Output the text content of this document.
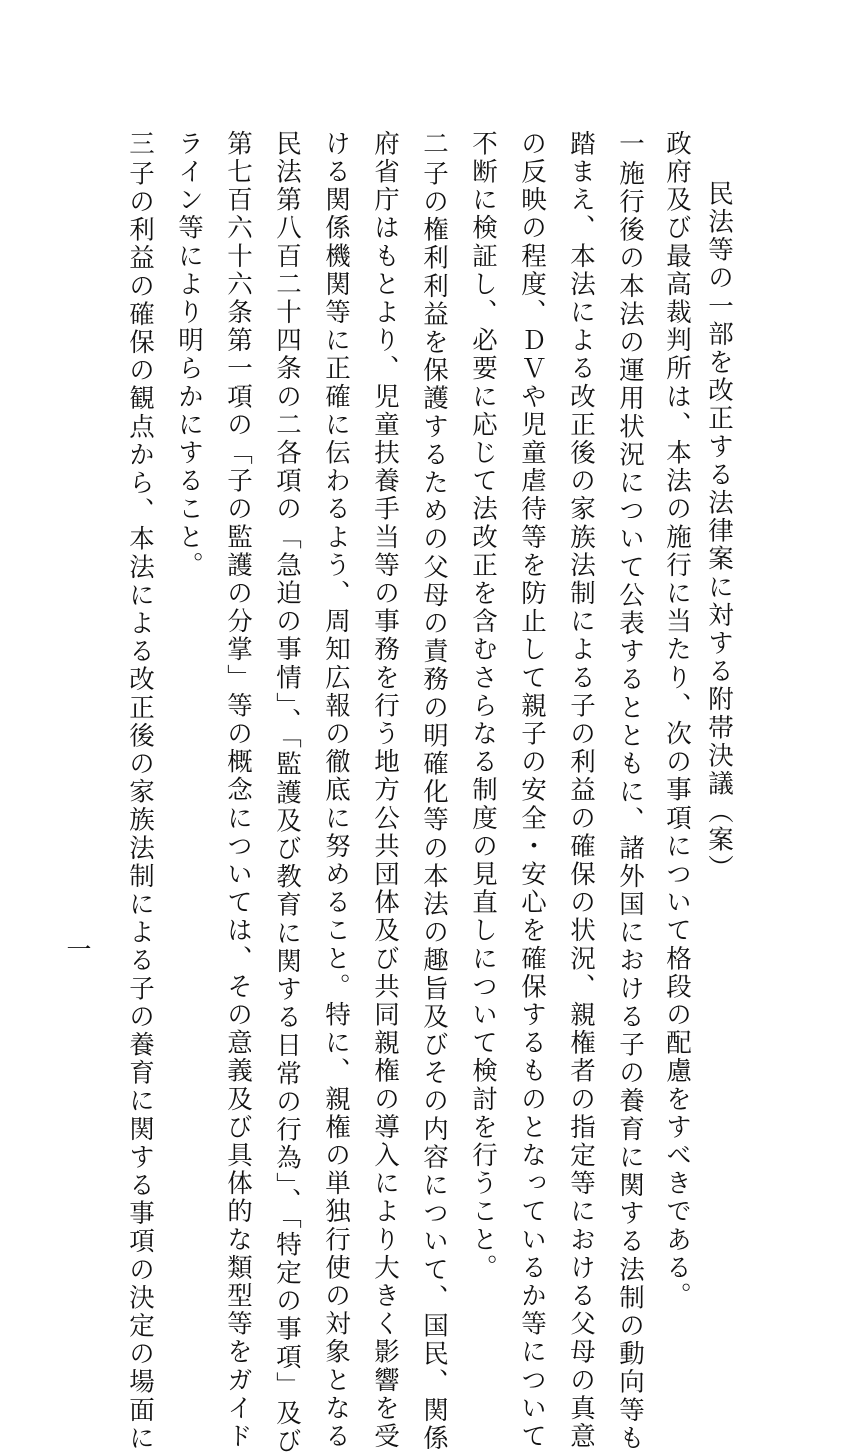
民法等の一部を改正する法律案に対する附帯決議（案）
政府及び最高裁判所は、本法の施行に当たり、次の事項について格段の配慮をすべきである。
一
施行後の本法の運用状況について公表するとともに、諸外国における子の養育に関する法制の動向等も
踏まえ、本法による改正後の家族法制による子の利益の確保の状況、親権者の指定等における父母の真意
の反映の程度、ＤＶや児童虐待等を防止して親子の安全・安心を確保するものとなっているか等について
不断に検証し、必要に応じて法改正を含むさらなる制度の見直しについて検討を行うこと。
二
子の権利利益を保護するための父母の責務の明確化等の本法の趣旨及びその内容について、国民、関係
府省庁はもとより、児童扶養手当等の事務を行う地方公共団体及び共同親権の導入により大きく影響を受
ける関係機関等に正確に伝わるよう、周知広報の徹底に努めること。特に、親権の単独行使の対象となる
民法第八百二十四条の二各項の「急迫の事情」、「監護及び教育に関する日常の行為」、「特定の事項」及び
第七百六十六条第一項の「子の監護の分掌」等の概念については、その意義及び具体的な類型等をガイド
ライン等により明らかにすること。
三
子の利益の確保の観点から、本法による改正後の家族法制による子の養育に関する事項の決定の場面に
一
